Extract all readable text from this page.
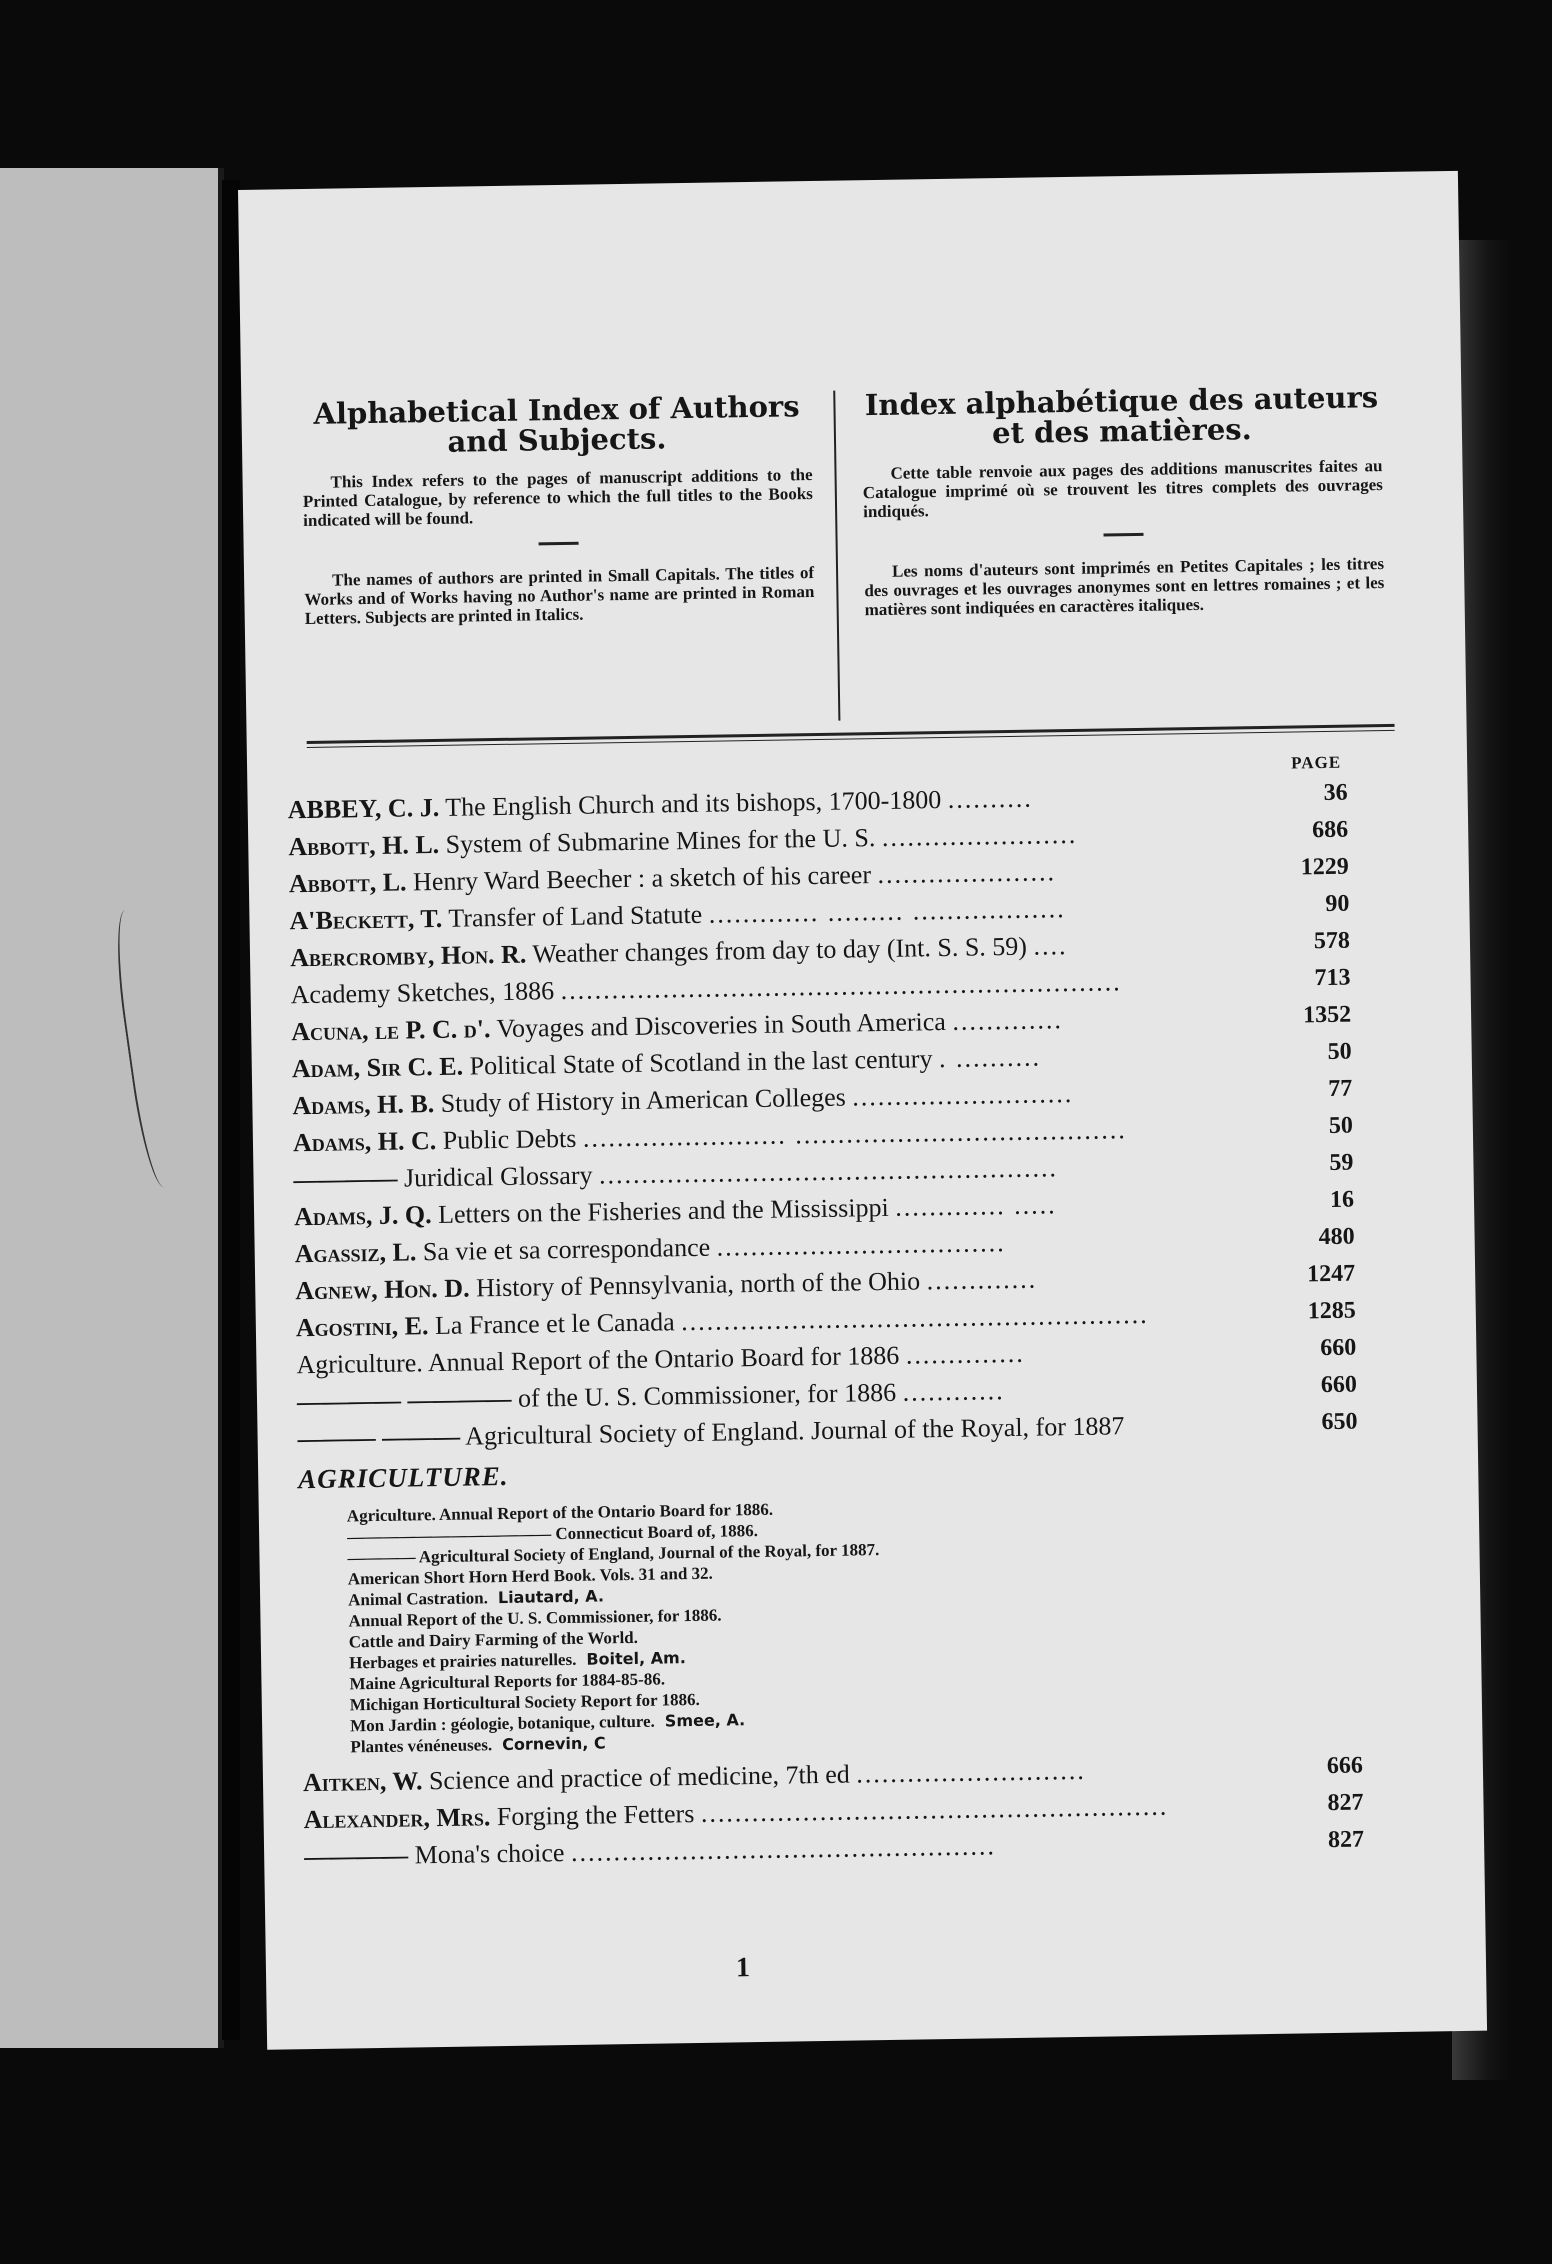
Alphabetical Index of Authors and Subjects.
This Index refers to the pages of manuscript additions to the Printed Catalogue, by reference to which the full titles to the Books indicated will be found.
The names of authors are printed in Small Capitals. The titles of Works and of Works having no Author's name are printed in Roman Letters. Subjects are printed in Italics.
Index alphabétique des auteurs et des matières.
Cette table renvoie aux pages des additions manuscrites faites au Catalogue imprimé où se trouvent les titres complets des ouvrages indiqués.
Les noms d'auteurs sont imprimés en Petites Capitales ; les titres des ouvrages et les ouvrages anonymes sont en lettres romaines ; et les matières sont indiquées en caractères italiques.
PAGE
ABBEY, C. J. The English Church and its bishops, 1700-1800 ..........	36
Abbott, H. L. System of Submarine Mines for the U. S. .......................	686
Abbott, L. Henry Ward Beecher : a sketch of his career .....................	1229
A'Beckett, T. Transfer of Land Statute ............. ......... ..................	90
Abercromby, Hon. R. Weather changes from day to day (Int. S. S. 59) ....	578
Academy Sketches, 1886 ..................................................................	713
Acuna, le P. C. d'. Voyages and Discoveries in South America .............	1352
Adam, Sir C. E. Political State of Scotland in the last century . ..........	50
Adams, H. B. Study of History in American Colleges ..........................	77
Adams, H. C. Public Debts ........................ .......................................	50
———— Juridical Glossary ......................................................	59
Adams, J. Q. Letters on the Fisheries and the Mississippi ............. .....	16
Agassiz, L. Sa vie et sa correspondance ..................................	480
Agnew, Hon. D. History of Pennsylvania, north of the Ohio .............	1247
Agostini, E. La France et le Canada .......................................................	1285
Agriculture. Annual Report of the Ontario Board for 1886 ..............	660
———— ———— of the U. S. Commissioner, for 1886 ............	660
——— ——— Agricultural Society of England. Journal of the Royal, for 1887	650
AGRICULTURE.
Agriculture. Annual Report of the Ontario Board for 1886.
———————————— Connecticut Board of, 1886.
———— Agricultural Society of England, Journal of the Royal, for 1887.
American Short Horn Herd Book. Vols. 31 and 32.
Animal Castration. Liautard, A.
Annual Report of the U. S. Commissioner, for 1886.
Cattle and Dairy Farming of the World.
Herbages et prairies naturelles. Boitel, Am.
Maine Agricultural Reports for 1884-85-86.
Michigan Horticultural Society Report for 1886.
Mon Jardin : géologie, botanique, culture. Smee, A.
Plantes vénéneuses. Cornevin, C
Aitken, W. Science and practice of medicine, 7th ed ...........................	666
Alexander, Mrs. Forging the Fetters .......................................................	827
———— Mona's choice ..................................................	827
1
